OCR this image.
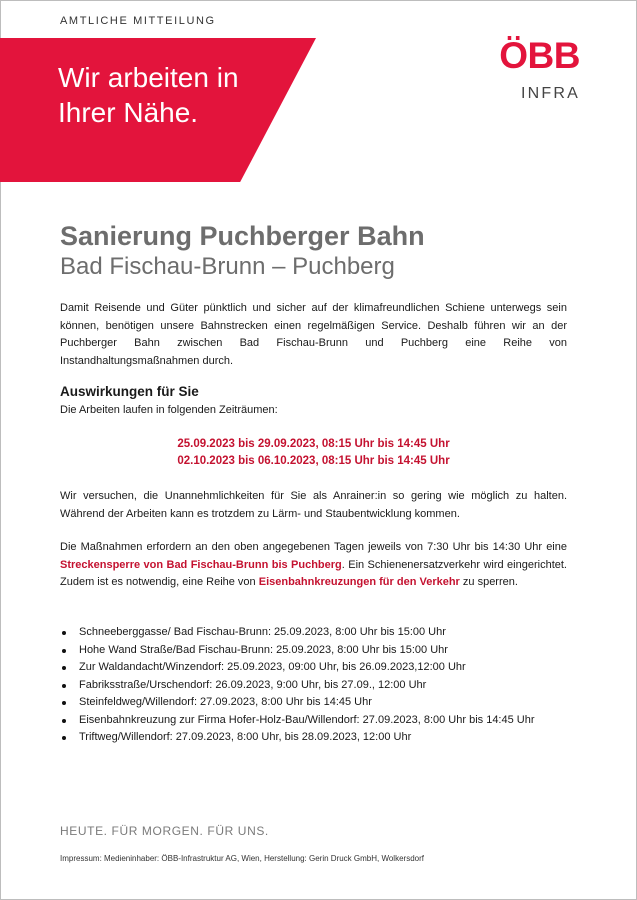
AMTLICHE MITTEILUNG
Wir arbeiten in Ihrer Nähe.
ÖBB
INFRA
Sanierung Puchberger Bahn
Bad Fischau-Brunn – Puchberg
Damit Reisende und Güter pünktlich und sicher auf der klimafreundlichen Schiene unterwegs sein können, benötigen unsere Bahnstrecken einen regelmäßigen Service. Deshalb führen wir an der Puchberger Bahn zwischen Bad Fischau-Brunn und Puchberg eine Reihe von Instandhaltungsmaßnahmen durch.
Auswirkungen für Sie
Die Arbeiten laufen in folgenden Zeiträumen:
25.09.2023 bis 29.09.2023, 08:15 Uhr bis 14:45 Uhr
02.10.2023 bis 06.10.2023, 08:15 Uhr bis 14:45 Uhr
Wir versuchen, die Unannehmlichkeiten für Sie als Anrainer:in so gering wie möglich zu halten. Während der Arbeiten kann es trotzdem zu Lärm- und Staubentwicklung kommen.
Die Maßnahmen erfordern an den oben angegebenen Tagen jeweils von 7:30 Uhr bis 14:30 Uhr eine Streckensperre von Bad Fischau-Brunn bis Puchberg. Ein Schienenersatzverkehr wird eingerichtet. Zudem ist es notwendig, eine Reihe von Eisenbahnkreuzungen für den Verkehr zu sperren.
Schneeberggasse/ Bad Fischau-Brunn: 25.09.2023, 8:00 Uhr bis 15:00 Uhr
Hohe Wand Straße/Bad Fischau-Brunn: 25.09.2023, 8:00 Uhr bis 15:00 Uhr
Zur Waldandacht/Winzendorf: 25.09.2023, 09:00 Uhr, bis 26.09.2023,12:00 Uhr
Fabriksstraße/Urschendorf: 26.09.2023, 9:00 Uhr, bis 27.09., 12:00 Uhr
Steinfeldweg/Willendorf: 27.09.2023, 8:00 Uhr bis 14:45 Uhr
Eisenbahnkreuzung zur Firma Hofer-Holz-Bau/Willendorf: 27.09.2023, 8:00 Uhr bis 14:45 Uhr
Triftweg/Willendorf: 27.09.2023, 8:00 Uhr, bis 28.09.2023, 12:00 Uhr
HEUTE. FÜR MORGEN. FÜR UNS.
Impressum: Medieninhaber: ÖBB-Infrastruktur AG, Wien, Herstellung: Gerin Druck GmbH, Wolkersdorf
